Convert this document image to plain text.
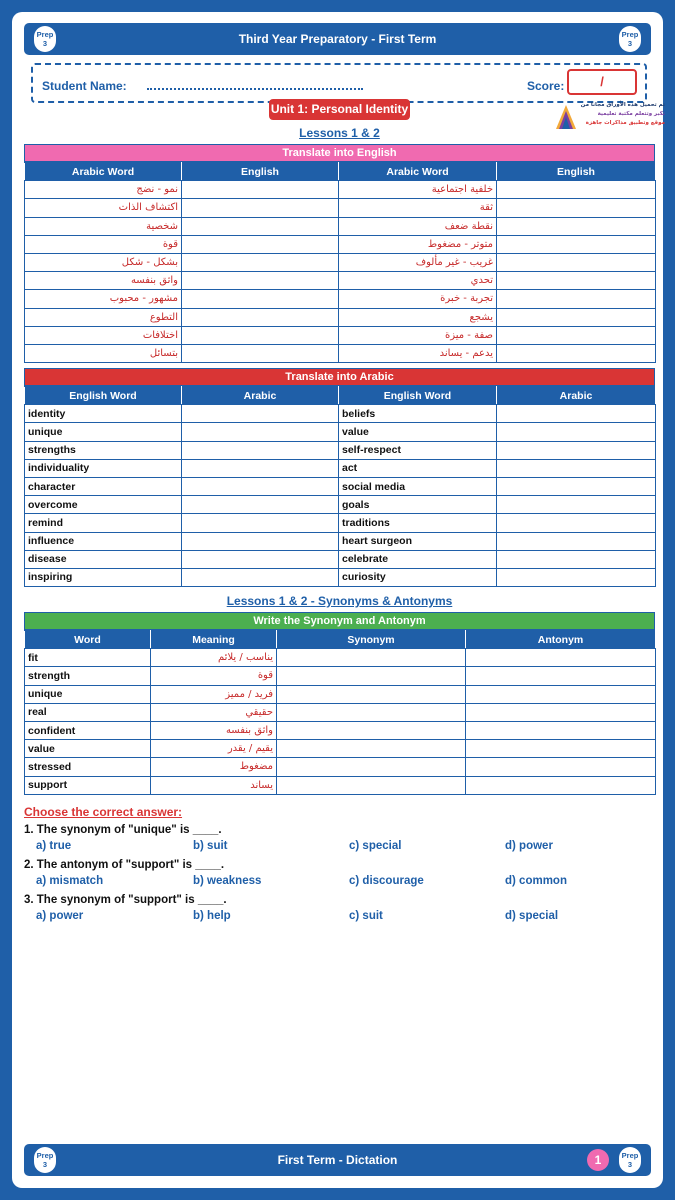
Prep
3	Third Year Preparatory - First Term	Prep
3
Student Name:	Score:	/
Unit 1: Personal Identity
Lessons 1 & 2
تم تحميل هذه الأوراق مجانا من
تكبر وتتعلم مكتبة تعليمية
موقع وتطبيق مذاكرات جاهزة
Translate into English
Arabic Word	English	Arabic Word	English
نمو - نضج		خلفية اجتماعية	
اكتشاف الذات		ثقة	
شخصية		نقطة ضعف	
قوة		متوتر - مضغوط	
بشكل - شكل		غريب - غير مألوف	
واثق بنفسه		تحدي	
مشهور - محبوب		تجربة - خبرة	
التطوع		يشجع	
اختلافات		صفة - ميزة	
بتسائل		يدعم - يساند	
Translate into Arabic
English Word	Arabic	English Word	Arabic
identity		beliefs	
unique		value	
strengths		self-respect	
individuality		act	
character		social media	
overcome		goals	
remind		traditions	
influence		heart surgeon	
disease		celebrate	
inspiring		curiosity	
Lessons 1 & 2 - Synonyms & Antonyms
Write the Synonym and Antonym
Word	Meaning	Synonym	Antonym
fit	يناسب / يلائم		
strength	قوة		
unique	فريد / مميز		
real	حقيقي		
confident	واثق بنفسه		
value	يقيم / يقدر		
stressed	مضغوط		
support	يساند		
Choose the correct answer:
1. The synonym of "unique" is ____.
a) true	b) suit	c) special	d) power
2. The antonym of "support" is ____.
a) mismatch	b) weakness	c) discourage	d) common
3. The synonym of "support" is ____.
a) power	b) help	c) suit	d) special
Prep
3	First Term - Dictation	1	Prep
3
